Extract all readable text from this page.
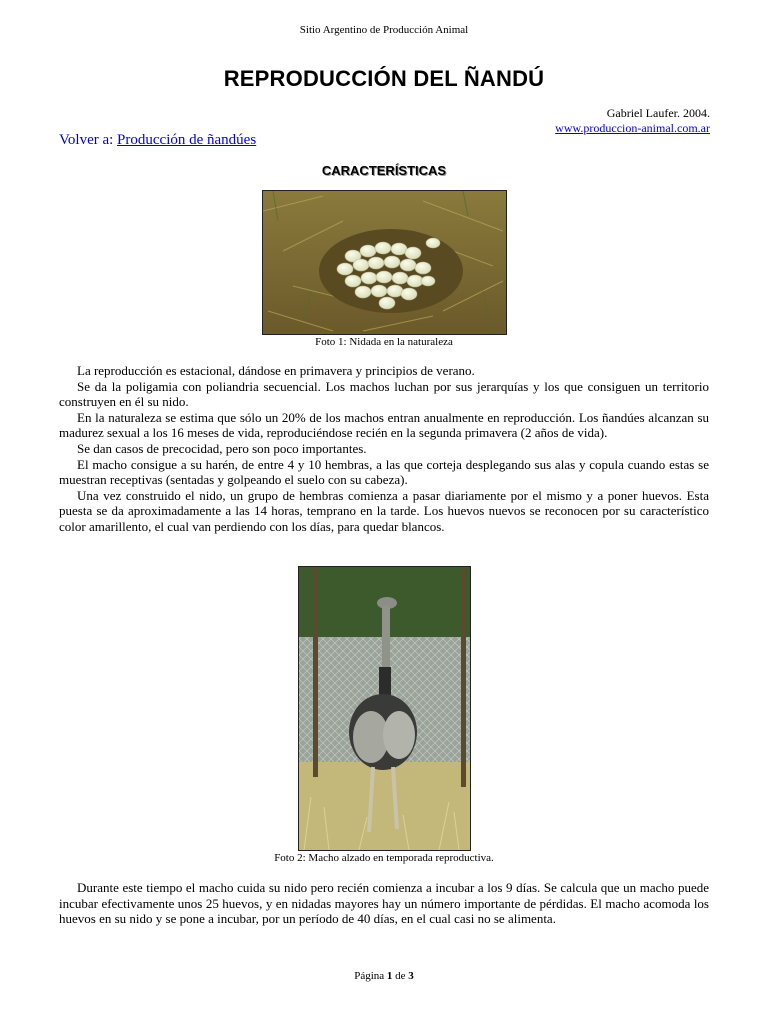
Sitio Argentino de Producción Animal
REPRODUCCIÓN DEL ÑANDÚ
Gabriel Laufer. 2004.
www.produccion-animal.com.ar
Volver a: Producción de ñandúes
CARACTERÍSTICAS
Foto 1: Nidada en la naturaleza

La reproducción es estacional, dándose en primavera y principios de verano.

Se da la poligamia con poliandria secuencial. Los machos luchan por sus jerarquías y los que consiguen un territorio construyen en él su nido.

En la naturaleza se estima que sólo un 20% de los machos entran anualmente en reproducción. Los ñandúes alcanzan su madurez sexual a los 16 meses de vida, reproduciéndose recién en la segunda primavera (2 años de vida).

Se dan casos de precocidad, pero son poco importantes.

El macho consigue a su harén, de entre 4 y 10 hembras, a las que corteja desplegando sus alas y copula cuando estas se muestran receptivas (sentadas y golpeando el suelo con su cabeza).

Una vez construido el nido, un grupo de hembras comienza a pasar diariamente por el mismo y a poner huevos. Esta puesta se da aproximadamente a las 14 horas, temprano en la tarde. Los huevos nuevos se reconocen por su característico color amarillento, el cual van perdiendo con los días, para quedar blancos.

Foto 2: Macho alzado en temporada reproductiva.

Durante este tiempo el macho cuida su nido pero recién comienza a incubar a los 9 días. Se calcula que un macho puede incubar efectivamente unos 25 huevos, y en nidadas mayores hay un número importante de pérdidas. El macho acomoda los huevos en su nido y se pone a incubar, por un período de 40 días, en el cual casi no se alimenta.

Página 1 de 3
